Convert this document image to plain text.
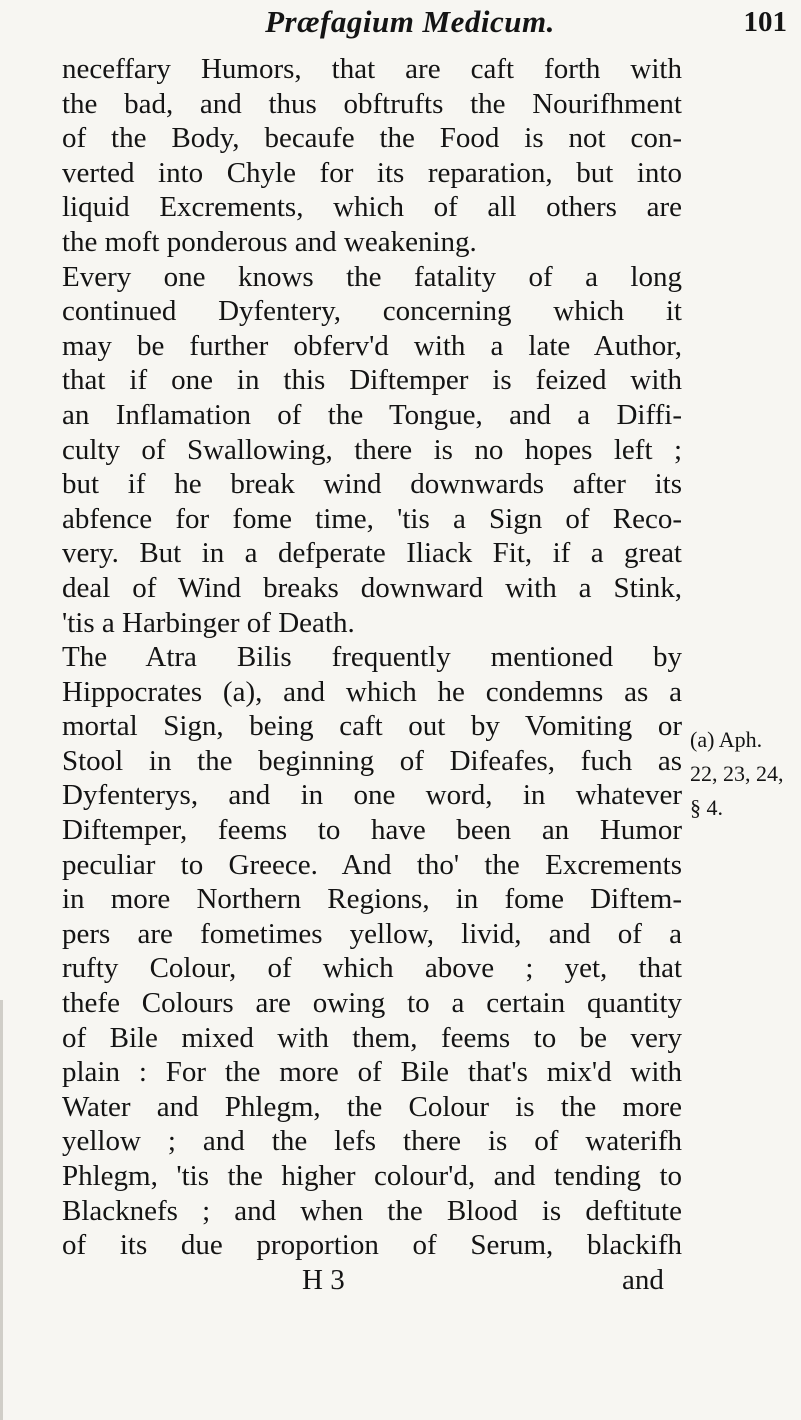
Præfagium Medicum.	101
neceffary Humors, that are caft forth with
the bad, and thus obftrufts the Nourifhment
of the Body, becaufe the Food is not con-
verted into Chyle for its reparation, but into
liquid Excrements, which of all others are
the moft ponderous and weakening.
Every one knows the fatality of a long
continued Dyfentery, concerning which it
may be further obferv'd with a late Author,
that if one in this Diftemper is feized with
an Inflamation of the Tongue, and a Diffi-
culty of Swallowing, there is no hopes left ;
but if he break wind downwards after its
abfence for fome time, 'tis a Sign of Reco-
very. But in a defperate Iliack Fit, if a great
deal of Wind breaks downward with a Stink,
'tis a Harbinger of Death.
The Atra Bilis frequently mentioned by
Hippocrates (a), and which he condemns as a
mortal Sign, being caft out by Vomiting or
Stool in the beginning of Difeafes, fuch as
Dyfenterys, and in one word, in whatever
Diftemper, feems to have been an Humor
peculiar to Greece. And tho' the Excrements
in more Northern Regions, in fome Diftem-
pers are fometimes yellow, livid, and of a
rufty Colour, of which above ; yet, that
thefe Colours are owing to a certain quantity
of Bile mixed with them, feems to be very
plain : For the more of Bile that's mix'd with
Water and Phlegm, the Colour is the more
yellow ; and the lefs there is of waterifh
Phlegm, 'tis the higher colour'd, and tending to
Blacknefs ; and when the Blood is deftitute
of its due proportion of Serum, blackifh
H 3	and
(a) Aph.
22, 23, 24,
§ 4.
